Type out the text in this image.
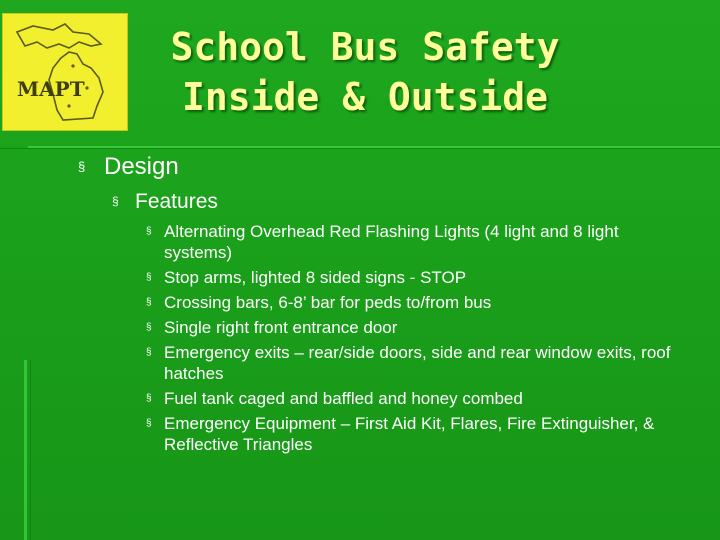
MAPT
School Bus Safety
Inside & Outside
§ Design
§ Features
§ Alternating Overhead Red Flashing Lights (4 light and 8 light systems)
§ Stop arms, lighted 8 sided signs - STOP
§ Crossing bars, 6-8’ bar for peds to/from bus
§ Single right front entrance door
§ Emergency exits – rear/side doors, side and rear window exits, roof hatches
§ Fuel tank caged and baffled and honey combed
§ Emergency Equipment – First Aid Kit, Flares, Fire Extinguisher, & Reflective Triangles
